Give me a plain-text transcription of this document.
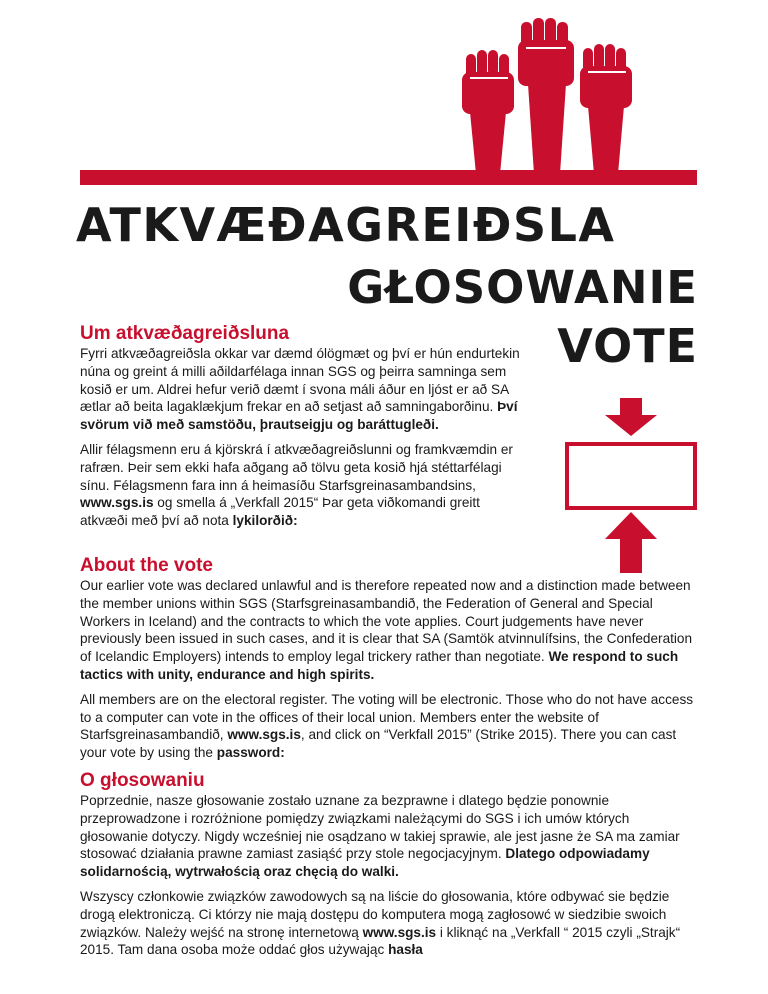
ATKVÆÐAGREIÐSLA
GŁOSOWANIE
VOTE
Um atkvæðagreiðsluna

Fyrri atkvæðagreiðsla okkar var dæmd ólögmæt og því er hún endurtekin núna og greint á milli aðildarfélaga innan SGS og þeirra samninga sem kosið er um. Aldrei hefur verið dæmt í svona máli áður en ljóst er að SA ætlar að beita lagaklækjum frekar en að setjast að samningaborðinu. Því svörum við með samstöðu, þrautseigju og baráttugleði.

Allir félagsmenn eru á kjörskrá í atkvæðagreiðslunni og framkvæmdin er rafræn. Þeir sem ekki hafa aðgang að tölvu geta kosið hjá stéttarfélagi sínu. Félagsmenn fara inn á heimasíðu Starfsgreinasambandsins, www.sgs.is og smella á „Verkfall 2015“ Þar geta viðkomandi greitt atkvæði með því að nota lykilorðið:

About the vote

Our earlier vote was declared unlawful and is therefore repeated now and a distinction made between the member unions within SGS (Starfsgreinasambandið, the Federation of General and Special Workers in Iceland) and the contracts to which the vote applies. Court judgements have never previously been issued in such cases, and it is clear that SA (Samtök atvinnulífsins, the Confederation of Icelandic Employers) intends to employ legal trickery rather than negotiate. We respond to such tactics with unity, endurance and high spirits.

All members are on the electoral register. The voting will be electronic. Those who do not have access to a computer can vote in the offices of their local union. Members enter the website of Starfsgreinasambandið, www.sgs.is, and click on “Verkfall 2015” (Strike 2015). There you can cast your vote by using the password:

O głosowaniu

Poprzednie, nasze głosowanie zostało uznane za bezprawne i dlatego będzie ponownie przeprowadzone i rozróżnione pomiędzy związkami należącymi do SGS i ich umów których głosowanie dotyczy. Nigdy wcześniej nie osądzano w takiej sprawie, ale jest jasne że SA ma zamiar stosować działania prawne zamiast zasiąść przy stole negocjacyjnym. Dlatego odpowiadamy solidarnością, wytrwałością oraz chęcią do walki.

Wszyscy członkowie związków zawodowych są na liście do głosowania, które odbywać sie będzie drogą elektroniczą. Ci którzy nie mają dostępu do komputera mogą zagłosowć w siedzibie swoich związków. Należy wejść na stronę internetową www.sgs.is i kliknąć na „Verkfall “ 2015 czyli „Strajk“ 2015. Tam dana osoba może oddać głos używając hasła
